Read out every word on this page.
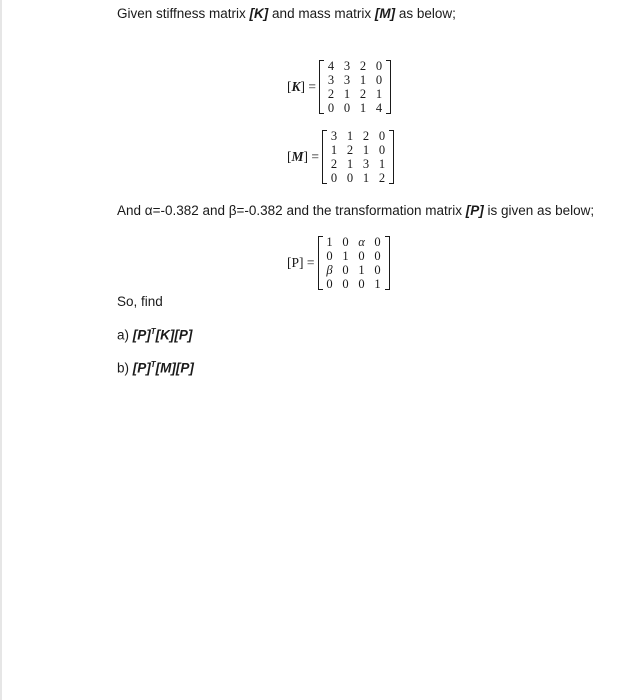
Given stiffness matrix [K] and mass matrix [M] as below;
[K] =
4 3 2 0
3 3 1 0
2 1 2 1
0 0 1 4
[M] =
3 1 2 0
1 2 1 0
2 1 3 1
0 0 1 2
And α=-0.382 and β=-0.382 and the transformation matrix [P] is given as below;
[P] =
1 0 α 0
0 1 0 0
β 0 1 0
0 0 0 1
So, find
a) $[P]^T[K][P]$
b) $[P]^T[M][P]$
